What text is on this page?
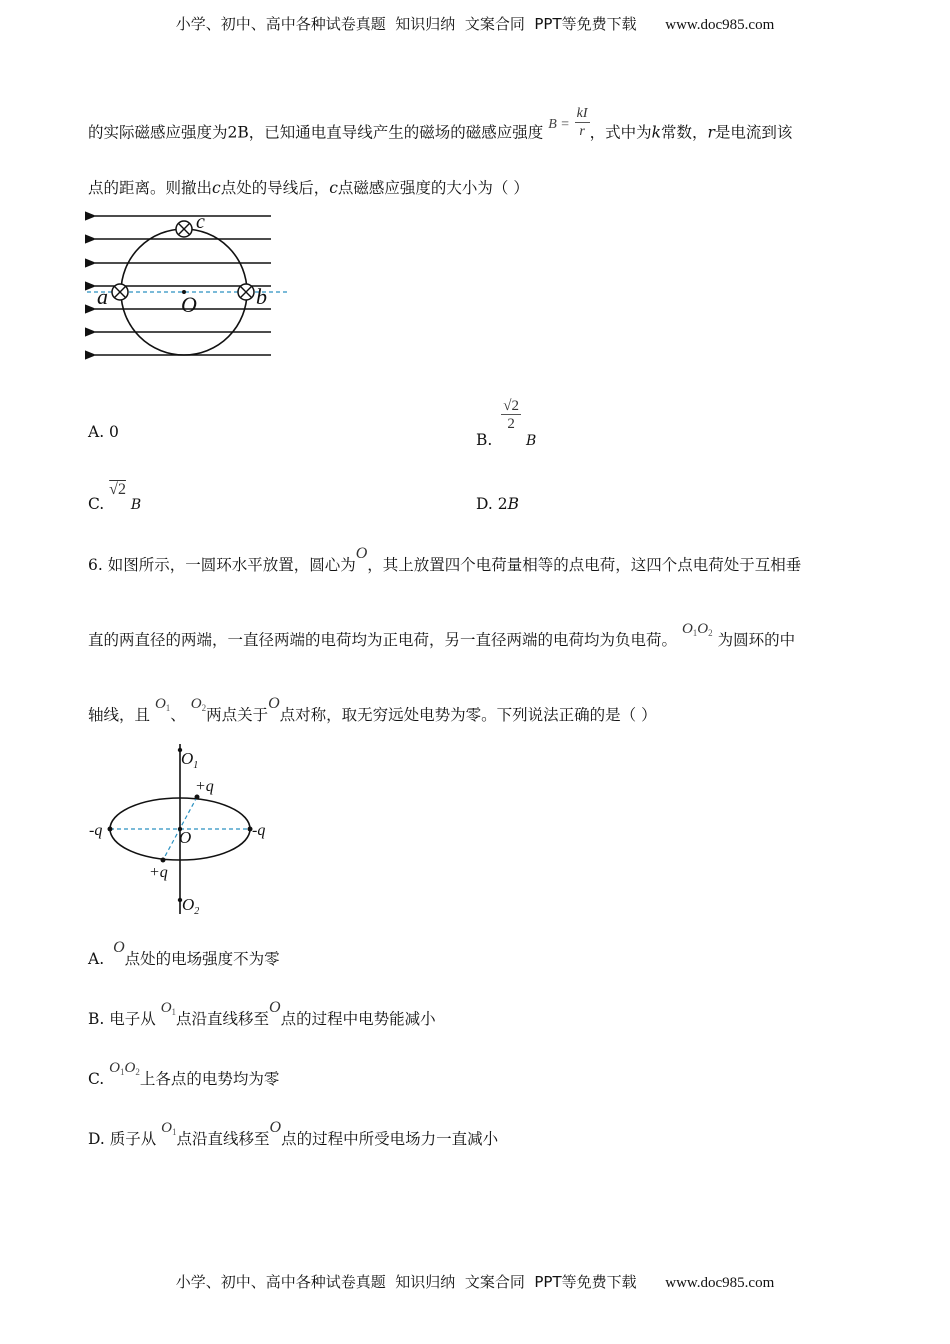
小学、初中、高中各种试卷真题  知识归纳  文案合同  PPT等免费下载 www.doc985.com
的实际磁感应强度为2B，已知通电直导线产生的磁场的磁感应强度 $B = \frac{kI}{r}$ ，式中为k常数，r是电流到该
点的距离。则撤出c点处的导线后，c点磁感应强度的大小为（ ）
c
a	b
O
A. 0	B.
$\frac{√2}{2}$
B
C. √2 B	D. 2B
6. 如图所示，一圆环水平放置，圆心为O，其上放置四个电荷量相等的点电荷，这四个点电荷处于互相垂
直的两直径的两端，一直径两端的电荷均为正电荷，另一直径两端的电荷均为负电荷。 $O_1O_2$ 为圆环的中
轴线，且 $O_1$、 $O_2$两点关于O点对称，取无穷远处电势为零。下列说法正确的是（ ）
$O_1$
+q
-q	-q
O
+q
$O_2$
A. O点处的电场强度不为零
B. 电子从 $O_1$点沿直线移至O点的过程中电势能减小
C. $O_1O_2$上各点的电势均为零
D. 质子从 $O_1$点沿直线移至O点的过程中所受电场力一直减小
小学、初中、高中各种试卷真题  知识归纳  文案合同  PPT等免费下载 www.doc985.com
